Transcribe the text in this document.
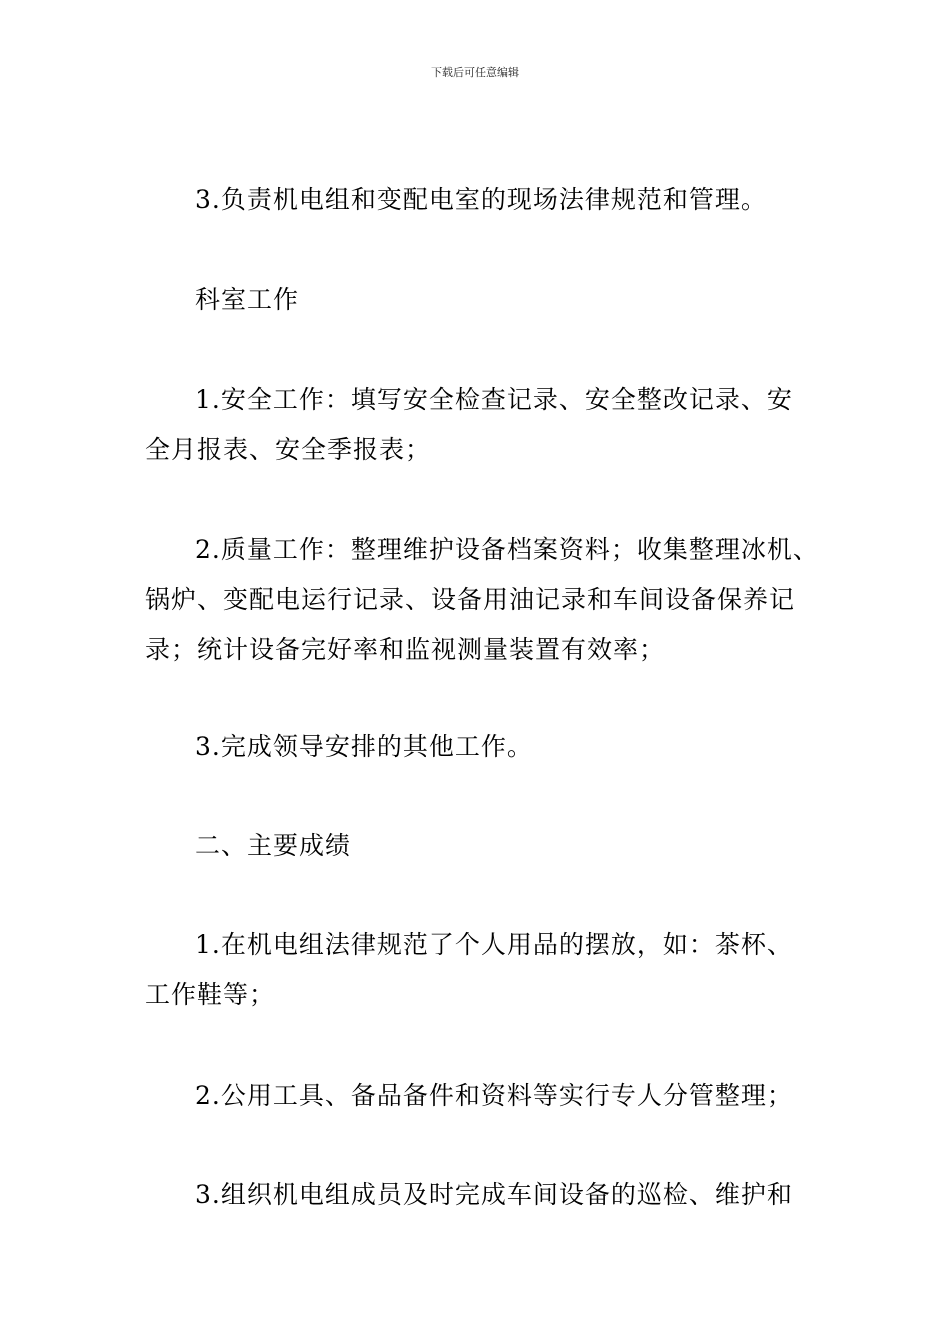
下载后可任意编辑
3.负责机电组和变配电室的现场法律规范和管理。
科室工作
1.安全工作：填写安全检查记录、安全整改记录、安
全月报表、安全季报表；
2.质量工作：整理维护设备档案资料；收集整理冰机、
锅炉、变配电运行记录、设备用油记录和车间设备保养记
录；统计设备完好率和监视测量装置有效率；
3.完成领导安排的其他工作。
二、主要成绩
1.在机电组法律规范了个人用品的摆放，如：茶杯、
工作鞋等；
2.公用工具、备品备件和资料等实行专人分管整理；
3.组织机电组成员及时完成车间设备的巡检、维护和
